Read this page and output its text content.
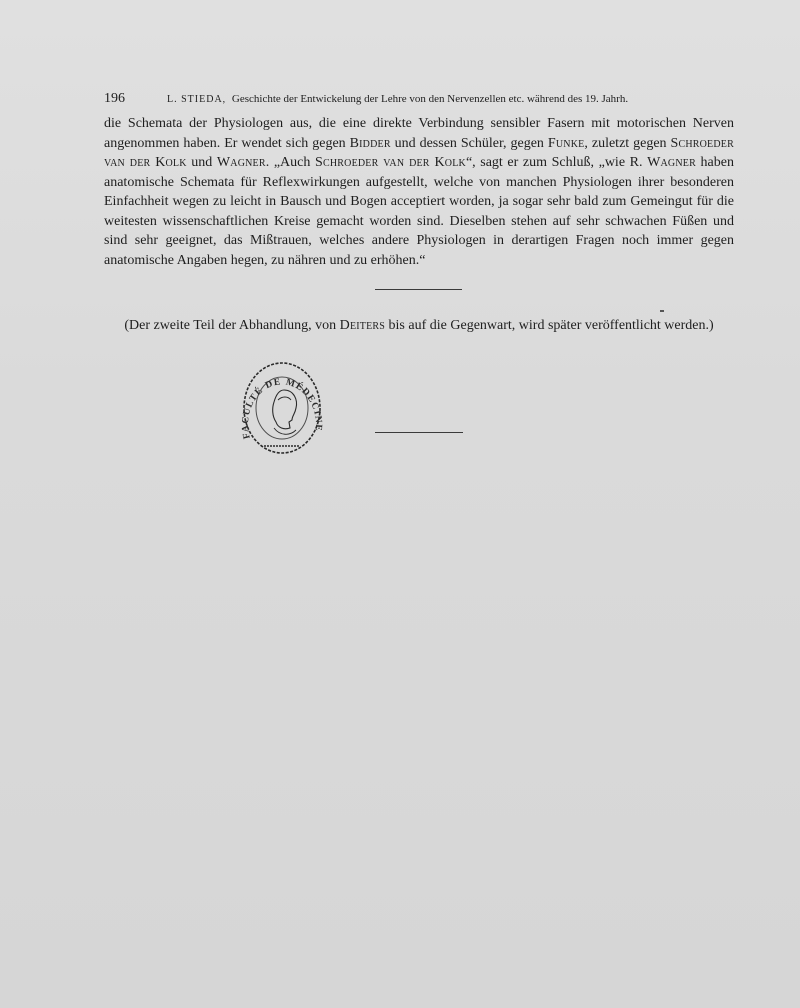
196	L. STIEDA, Geschichte der Entwickelung der Lehre von den Nervenzellen etc. während des 19. Jahrh.

die Schemata der Physiologen aus, die eine direkte Verbindung sensibler Fasern mit motorischen Nerven angenommen haben. Er wendet sich gegen Bidder und dessen Schüler, gegen Funke, zuletzt gegen Schroeder van der Kolk und Wagner. „Auch Schroeder van der Kolk“, sagt er zum Schluß, „wie R. Wagner haben anatomische Schemata für Reflexwirkungen aufgestellt, welche von manchen Physiologen ihrer besonderen Einfachheit wegen zu leicht in Bausch und Bogen acceptiert worden, ja sogar sehr bald zum Gemeingut für die weitesten wissenschaftlichen Kreise gemacht worden sind. Dieselben stehen auf sehr schwachen Füßen und sind sehr geeignet, das Mißtrauen, welches andere Physiologen in derartigen Fragen noch immer gegen anatomische Angaben hegen, zu nähren und zu erhöhen.“

(Der zweite Teil der Abhandlung, von Deiters bis auf die Gegenwart, wird später veröffentlicht werden.)

FACULTÉ DE MÉDECINE
